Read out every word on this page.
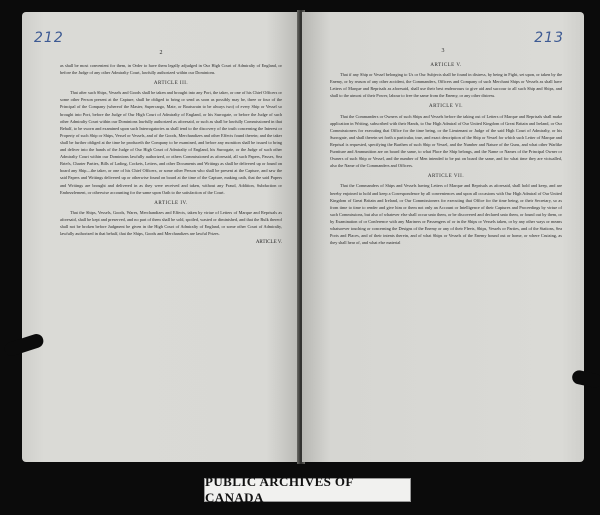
212
2

as shall be most convenient for them, in Order to have them legally adjudged in Our High Court of Admiralty of England, or before the Judge of any other Admiralty Court, lawfully authorized within our Dominions.

ARTICLE III.

That after such Ships, Vessels and Goods shall be taken and brought into any Port, the taker, or one of his Chief Officers or some other Person present at the Capture, shall be obliged to bring or send as soon as possibly may be, three or four of the Principal of the Company (whereof the Master, Supercargo, Mate, or Boatswain to be always two) of every Ship or Vessel so brought into Port, before the Judge of Our High Court of Admiralty of England, or his Surrogate, or before the Judge of such other Admiralty Court within our Dominions lawfully authorized as aforesaid, or such as shall be lawfully Commissioned in that Behalf, to be sworn and examined upon such Interrogatories as shall tend to the discovery of the truth concerning the Interest or Property of such Ship or Ships, Vessel or Vessels, and of the Goods, Merchandizes and other Effects found therein; and the taker shall be further obliged at the time he produceth the Company to be examined, and before any monition shall be issued to bring and deliver into the hands of the Judge of Our High Court of Admiralty of England, his Surrogate, or the Judge of such other Admiralty Court within our Dominions lawfully authorized, or others Commissioned as aforesaid, all such Papers, Passes, Sea Briefs, Charter Parties, Bills of Lading, Cockets, Letters, and other Documents and Writings as shall be delivered up or found on board any Ship—the taker, or one of his Chief Officers, or some other Person who shall be present at the Capture, and saw the said Papers and Writings delivered up or otherwise found on board at the time of the Capture, making oath, that the said Papers and Writings are brought and delivered in as they were received and taken, without any Fraud, Addition, Subduction or Embezzlement, or otherwise accounting for the same upon Oath to the satisfaction of the Court.

ARTICLE IV.

That the Ships, Vessels, Goods, Wares, Merchandizes and Effects, taken by virtue of Letters of Marque and Reprisals as aforesaid, shall be kept and preserved, and no part of them shall be sold, spoiled, wasted or diminished, and that the Bulk thereof shall not be broken before Judgment be given in the High Court of Admiralty of England, or some other Court of Admiralty, lawfully authorized in that behalf, that the Ships, Goods and Merchandizes are lawful Prizes.

ARTICLE V.
213
3
ARTICLE V.

That if any Ship or Vessel belonging to Us or Our Subjects shall be found in distress, by being in Fight, set upon, or taken by the Enemy, or by reason of any other accident, the Commanders, Officers and Company of such Merchant Ships or Vessels as shall have Letters of Marque and Reprisals as aforesaid, shall use their best endeavours to give aid and succour to all such Ship and Ships, and shall to the utmost of their Power, labour to free the same from the Enemy, or any other distress.

ARTICLE VI.

That the Commanders or Owners of such Ships and Vessels before the taking out of Letters of Marque and Reprisals shall make application in Writing, subscribed with their Hands, to Our High Admiral of Our United Kingdom of Great Britain and Ireland, or Our Commissioners for executing that Office for the time being, or the Lieutenant or Judge of the said High Court of Admiralty, or his Surrogate, and shall therein set forth a particular, true, and exact description of the Ship or Vessel for which such Letter of Marque and Reprisal is requested, specifying the Burthen of such Ship or Vessel, and the Number and Nature of the Guns, and what other Warlike Furniture and Ammunition are on board the same, to what Place the Ship belongs, and the Name or Names of the Principal Owner or Owners of such Ship or Vessel, and the number of Men intended to be put on board the same, and for what time they are victualled, also the Name of the Commanders and Officers.

ARTICLE VII.

That the Commanders of Ships and Vessels having Letters of Marque and Reprisals as aforesaid, shall hold and keep, and are hereby enjoined to hold and keep a Correspondence by all conveniences and upon all occasions with Our High Admiral of Our United Kingdom of Great Britain and Ireland, or Our Commissioners for executing that Office for the time being, or their Secretary, so as from time to time to render and give him or them not only an Account or Intelligence of their Captures and Proceedings by virtue of such Commissions, but also of whatever else shall occur unto them, or be discovered and declared unto them, or found out by them, or by Examination of or Conference with any Mariners or Passengers of or in the Ships or Vessels taken, or by any other ways or means whatsoever touching or concerning the Designs of the Enemy or any of their Fleets, Ships, Vessels or Parties, and of the Stations, Sea Ports and Places, and of their intents therein, and of what Ships or Vessels of the Enemy bound out or home, or where Cruizing, as they shall hear of, and what else material

PUBLIC ARCHIVES OF CANADA
